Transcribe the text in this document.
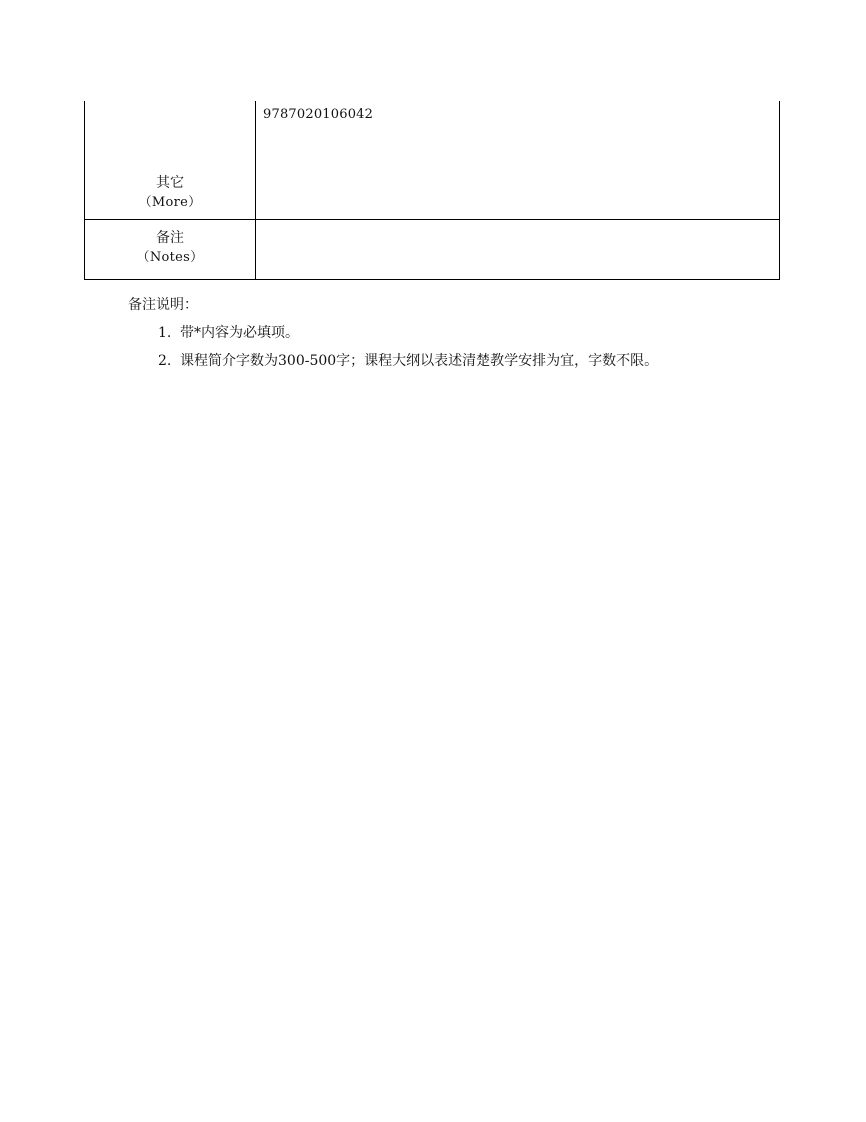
其它
（More）	9787020106042

备注
（Notes）	

备注说明：
1. 带*内容为必填项。
2. 课程简介字数为300-500字；课程大纲以表述清楚教学安排为宜，字数不限。
